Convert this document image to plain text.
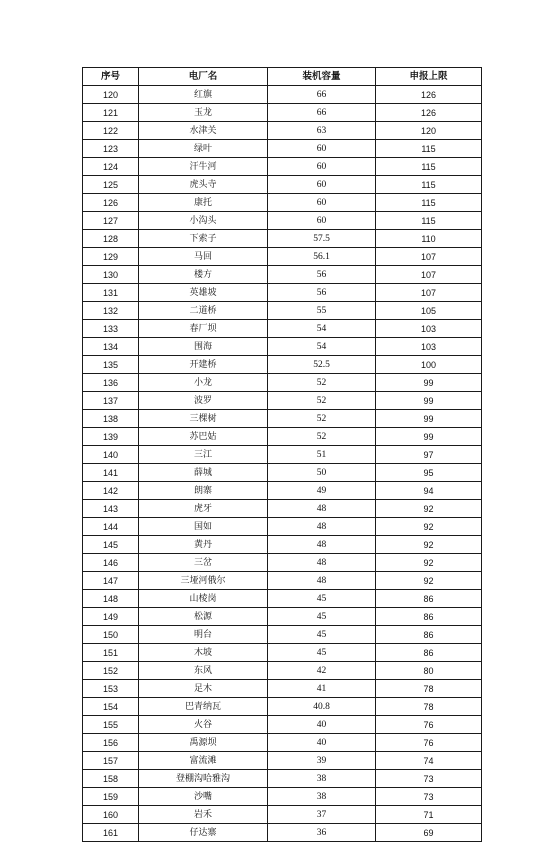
序号	电厂名	装机容量	申报上限
120	红旗	66	126
121	玉龙	66	126
122	水津关	63	120
123	绿叶	60	115
124	汗牛河	60	115
125	虎头寺	60	115
126	康托	60	115
127	小沟头	60	115
128	下索子	57.5	110
129	马回	56.1	107
130	楼方	56	107
131	英雄坡	56	107
132	二道桥	55	105
133	春厂坝	54	103
134	围海	54	103
135	开建桥	52.5	100
136	小龙	52	99
137	波罗	52	99
138	三棵树	52	99
139	苏巴姑	52	99
140	三江	51	97
141	薛城	50	95
142	朗寨	49	94
143	虎牙	48	92
144	国如	48	92
145	黄丹	48	92
146	三岔	48	92
147	三垭河俄尔	48	92
148	山棱岗	45	86
149	松源	45	86
150	明台	45	86
151	木坡	45	86
152	东风	42	80
153	足木	41	78
154	巴青纳瓦	40.8	78
155	火谷	40	76
156	禹源坝	40	76
157	富流滩	39	74
158	登棚沟哈雅沟	38	73
159	沙嘴	38	73
160	岩禾	37	71
161	仔达寨	36	69
